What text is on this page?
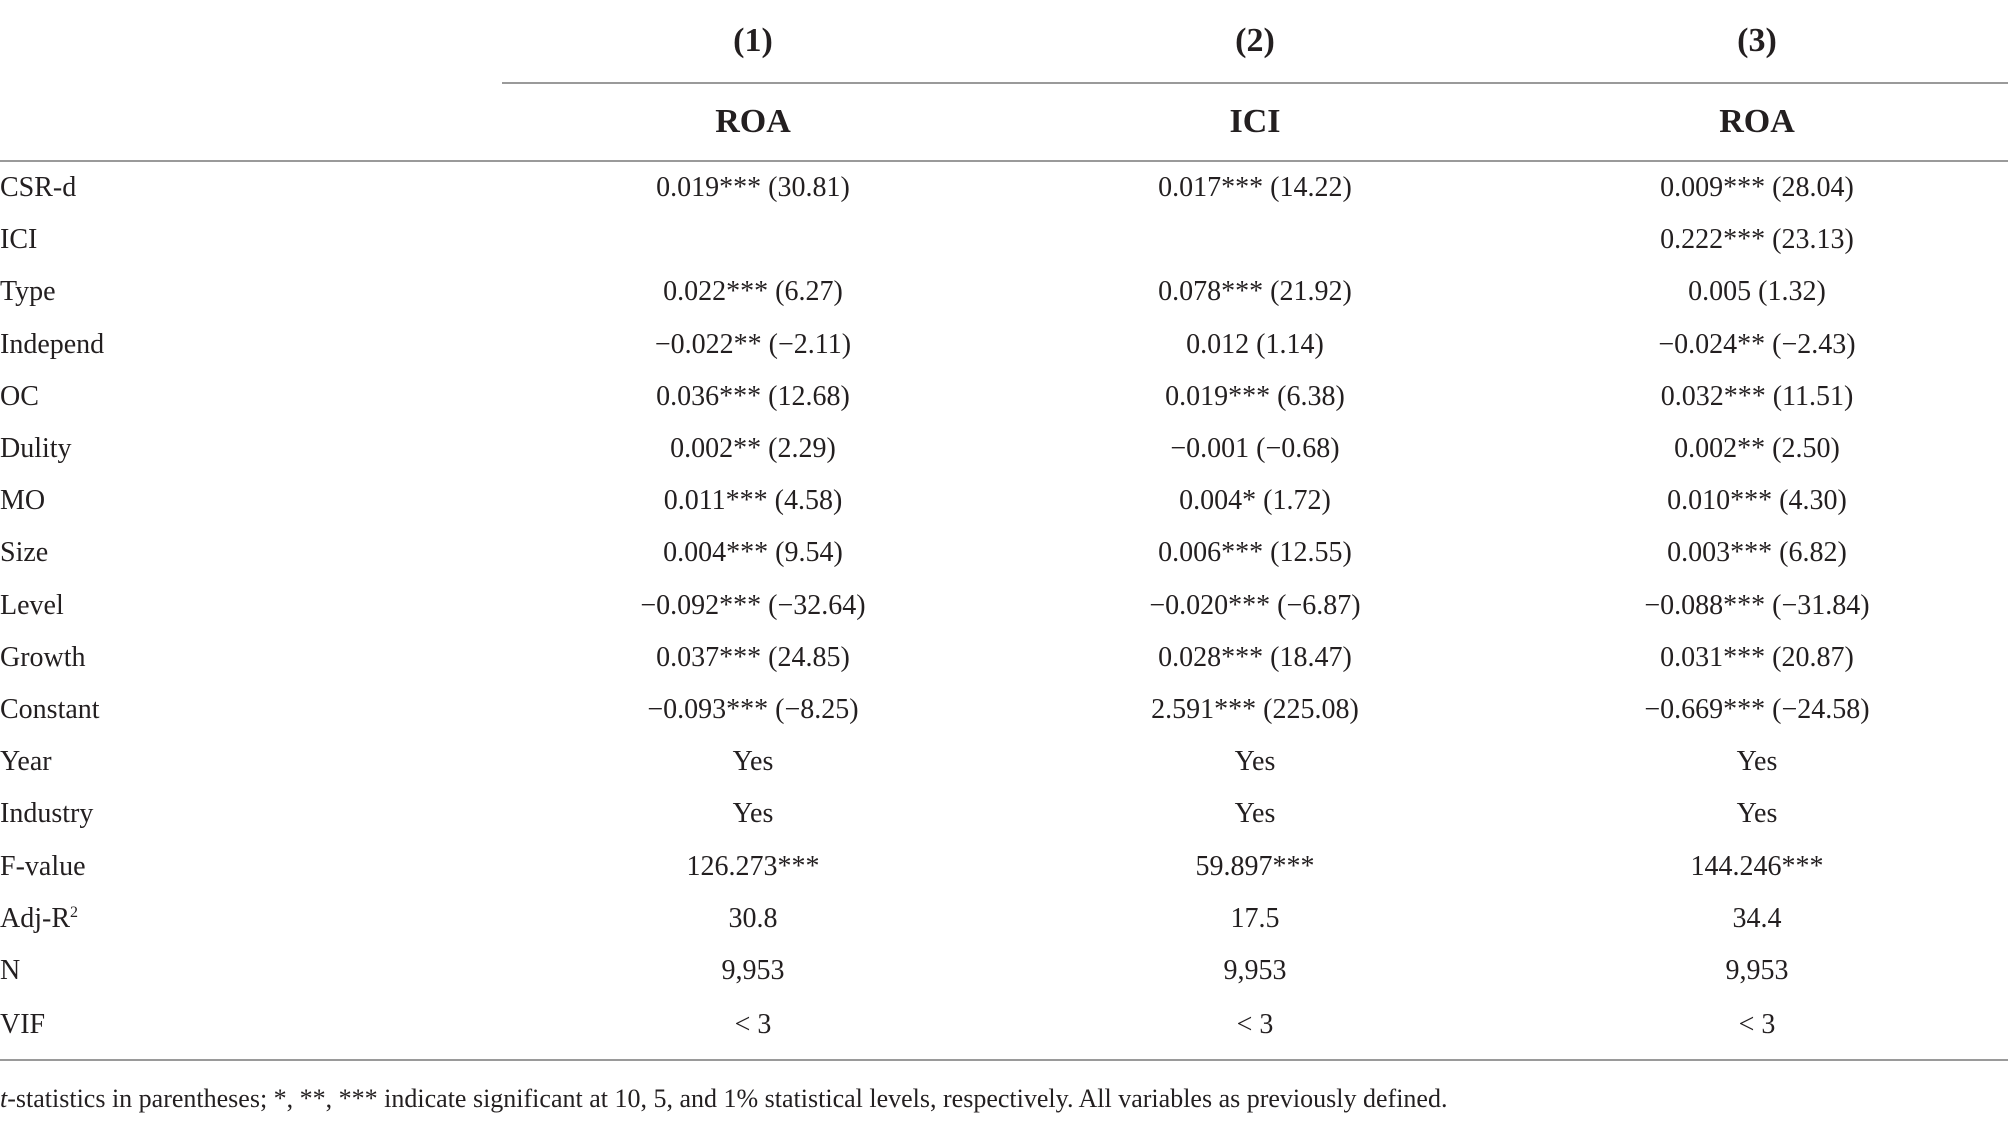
	(1)	(2)	(3)
	ROA	ICI	ROA
CSR-d	0.019*** (30.81)	0.017*** (14.22)	0.009*** (28.04)
ICI			0.222*** (23.13)
Type	0.022*** (6.27)	0.078*** (21.92)	0.005 (1.32)
Independ	−0.022** (−2.11)	0.012 (1.14)	−0.024** (−2.43)
OC	0.036*** (12.68)	0.019*** (6.38)	0.032*** (11.51)
Dulity	0.002** (2.29)	−0.001 (−0.68)	0.002** (2.50)
MO	0.011*** (4.58)	0.004* (1.72)	0.010*** (4.30)
Size	0.004*** (9.54)	0.006*** (12.55)	0.003*** (6.82)
Level	−0.092*** (−32.64)	−0.020*** (−6.87)	−0.088*** (−31.84)
Growth	0.037*** (24.85)	0.028*** (18.47)	0.031*** (20.87)
Constant	−0.093*** (−8.25)	2.591*** (225.08)	−0.669*** (−24.58)
Year	Yes	Yes	Yes
Industry	Yes	Yes	Yes
F-value	126.273***	59.897***	144.246***
Adj-$R^2$	30.8	17.5	34.4
N	9,953	9,953	9,953
VIF	< 3	< 3	< 3
t-statistics in parentheses; *, **, *** indicate significant at 10, 5, and 1% statistical levels, respectively. All variables as previously defined.
